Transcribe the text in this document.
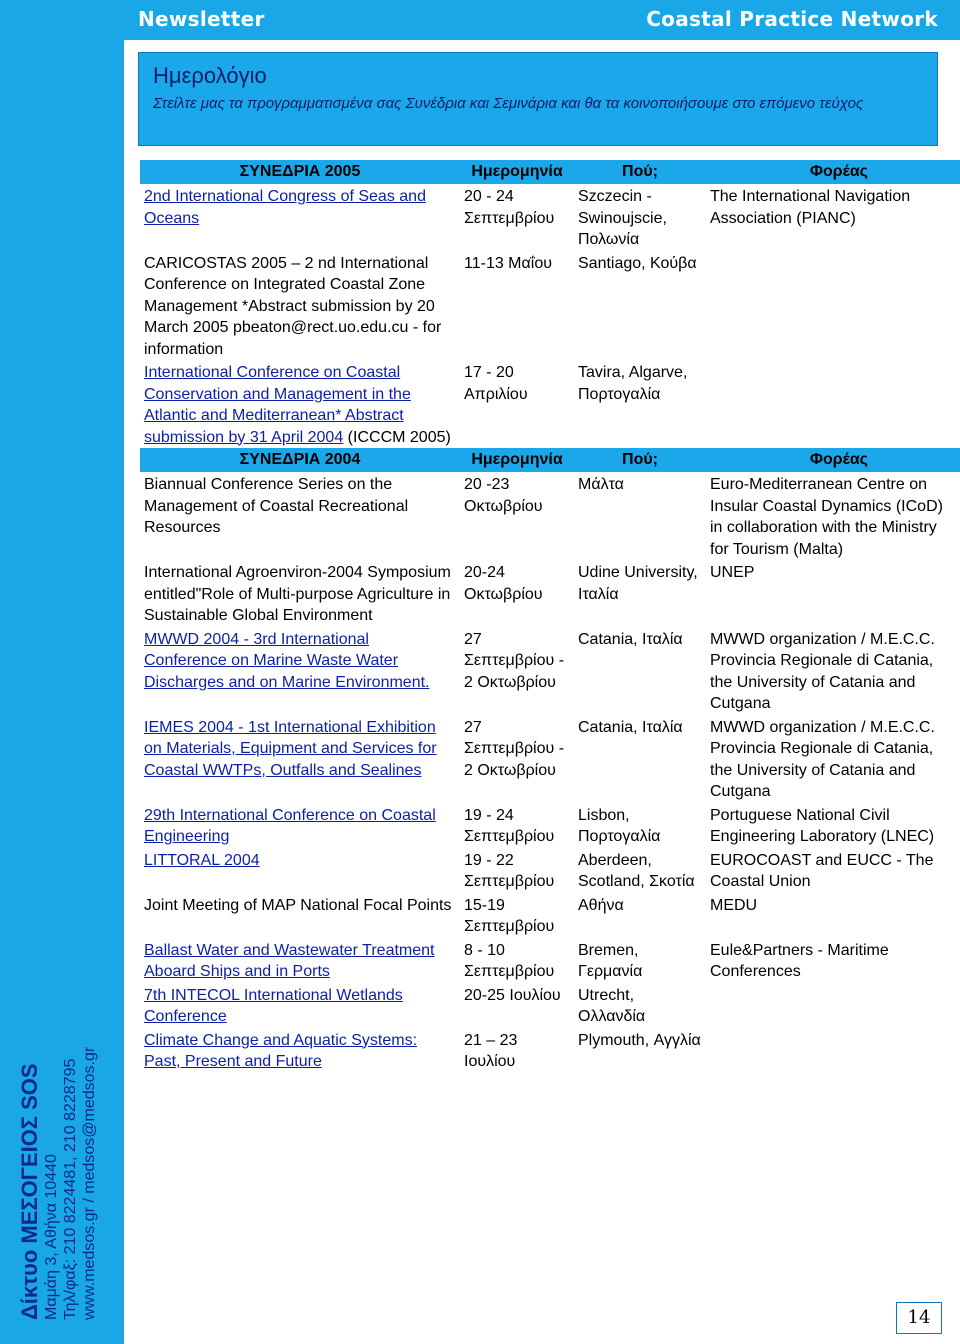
Δίκτυο ΜΕΣΟΓΕΙΟΣ SOS Μαμάη 3, Αθήνα 10440 Τηλ/φαξ: 210 8224481, 210 8228795 www.medsos.gr / medsos@medsos.gr
Newsletter	Coastal Practice Network
Ημερολόγιο
Στείλτε μας τα προγραμματισμένα σας Συνέδρια και Σεμινάρια και θα τα κοινοποιήσουμε στο επόμενο τεύχος
ΣΥΝΕΔΡΙΑ 2005	Ημερομηνία	Πού;	Φορέας
2nd International Congress of Seas and Oceans	20 - 24 Σεπτεμβρίου	Szczecin - Swinoujscie, Πολωνία	The International Navigation Association (PIANC)
CARICOSTAS 2005 – 2 nd International Conference on Integrated Coastal Zone Management *Abstract submission by 20 March 2005 pbeaton@rect.uo.edu.cu - for information	11-13 Μαΐου	Santiago, Κούβα	
International Conference on Coastal Conservation and Management in the Atlantic and Mediterranean* Abstract submission by 31 April 2004 (ICCCM 2005)	17 - 20 Απριλίου	Tavira, Algarve, Πορτογαλία	
ΣΥΝΕΔΡΙΑ 2004	Ημερομηνία	Πού;	Φορέας
Biannual Conference Series on the Management of Coastal Recreational Resources	20 -23 Οκτωβρίου	Μάλτα	Euro-Mediterranean Centre on Insular Coastal Dynamics (ICoD) in collaboration with the Ministry for Tourism (Malta)
International Agroenviron-2004 Symposium entitled"Role of Multi-purpose Agriculture in Sustainable Global Environment	20-24 Οκτωβρίου	Udine University, Ιταλία	UNEP
MWWD 2004 - 3rd International Conference on Marine Waste Water Discharges and on Marine Environment.	27 Σεπτεμβρίου - 2 Οκτωβρίου	Catania, Ιταλία	MWWD organization / M.E.C.C. Provincia Regionale di Catania, the University of Catania and Cutgana
IEMES 2004 - 1st International Exhibition on Materials, Equipment and Services for Coastal WWTPs, Outfalls and Sealines	27 Σεπτεμβρίου - 2 Οκτωβρίου	Catania, Ιταλία	MWWD organization / M.E.C.C. Provincia Regionale di Catania, the University of Catania and Cutgana
29th International Conference on Coastal Engineering	19 - 24 Σεπτεμβρίου	Lisbon, Πορτογαλία	Portuguese National Civil Engineering Laboratory (LNEC)
LITTORAL 2004	19 - 22 Σεπτεμβρίου	Aberdeen, Scotland, Σκοτία	EUROCOAST and EUCC - The Coastal Union
Joint Meeting of MAP National Focal Points	15-19 Σεπτεμβρίου	Αθήνα	MEDU
Ballast Water and Wastewater Treatment Aboard Ships and in Ports	8 - 10 Σεπτεμβρίου	Bremen, Γερμανία	Eule&Partners - Maritime Conferences
7th INTECOL International Wetlands Conference	20-25 Ιουλίου	Utrecht, Ολλανδία	
Climate Change and Aquatic Systems: Past, Present and Future	21 – 23 Ιουλίου	Plymouth, Αγγλία	
14
